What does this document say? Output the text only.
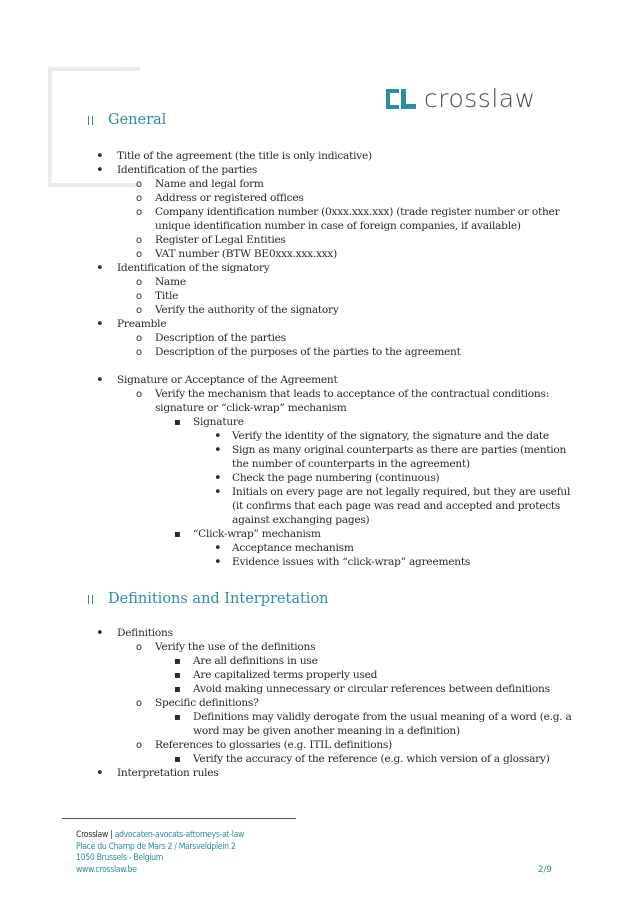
crosslaw
General
•
Title of the agreement (the title is only indicative)
•
Identification of the parties
o
Name and legal form
o
Address or registered offices
o
Company identification number (0xxx.xxx.xxx) (trade register number or other
unique identification number in case of foreign companies, if available)
o
Register of Legal Entities
o
VAT number (BTW BE0xxx.xxx.xxx)
•
Identification of the signatory
o
Name
o
Title
o
Verify the authority of the signatory
•
Preamble
o
Description of the parties
o
Description of the purposes of the parties to the agreement
•
Signature or Acceptance of the Agreement
o
Verify the mechanism that leads to acceptance of the contractual conditions:
signature or “click-wrap” mechanism
▪
Signature
•
Verify the identity of the signatory, the signature and the date
•
Sign as many original counterparts as there are parties (mention
the number of counterparts in the agreement)
•
Check the page numbering (continuous)
•
Initials on every page are not legally required, but they are useful
(it confirms that each page was read and accepted and protects
against exchanging pages)
▪
“Click-wrap” mechanism
•
Acceptance mechanism
•
Evidence issues with “click-wrap” agreements
Definitions and Interpretation
•
Definitions
o
Verify the use of the definitions
▪
Are all definitions in use
▪
Are capitalized terms properly used
▪
Avoid making unnecessary or circular references between definitions
o
Specific definitions?
▪
Definitions may validly derogate from the usual meaning of a word (e.g. a
word may be given another meaning in a definition)
o
References to glossaries (e.g. ITIL definitions)
▪
Verify the accuracy of the reference (e.g. which version of a glossary)
•
Interpretation rules
Crosslaw | advocaten-avocats-attorneys-at-law
Place du Champ de Mars 2 / Marsveldplein 2
1050 Brussels - Belgium
www.crosslaw.be	2/9
